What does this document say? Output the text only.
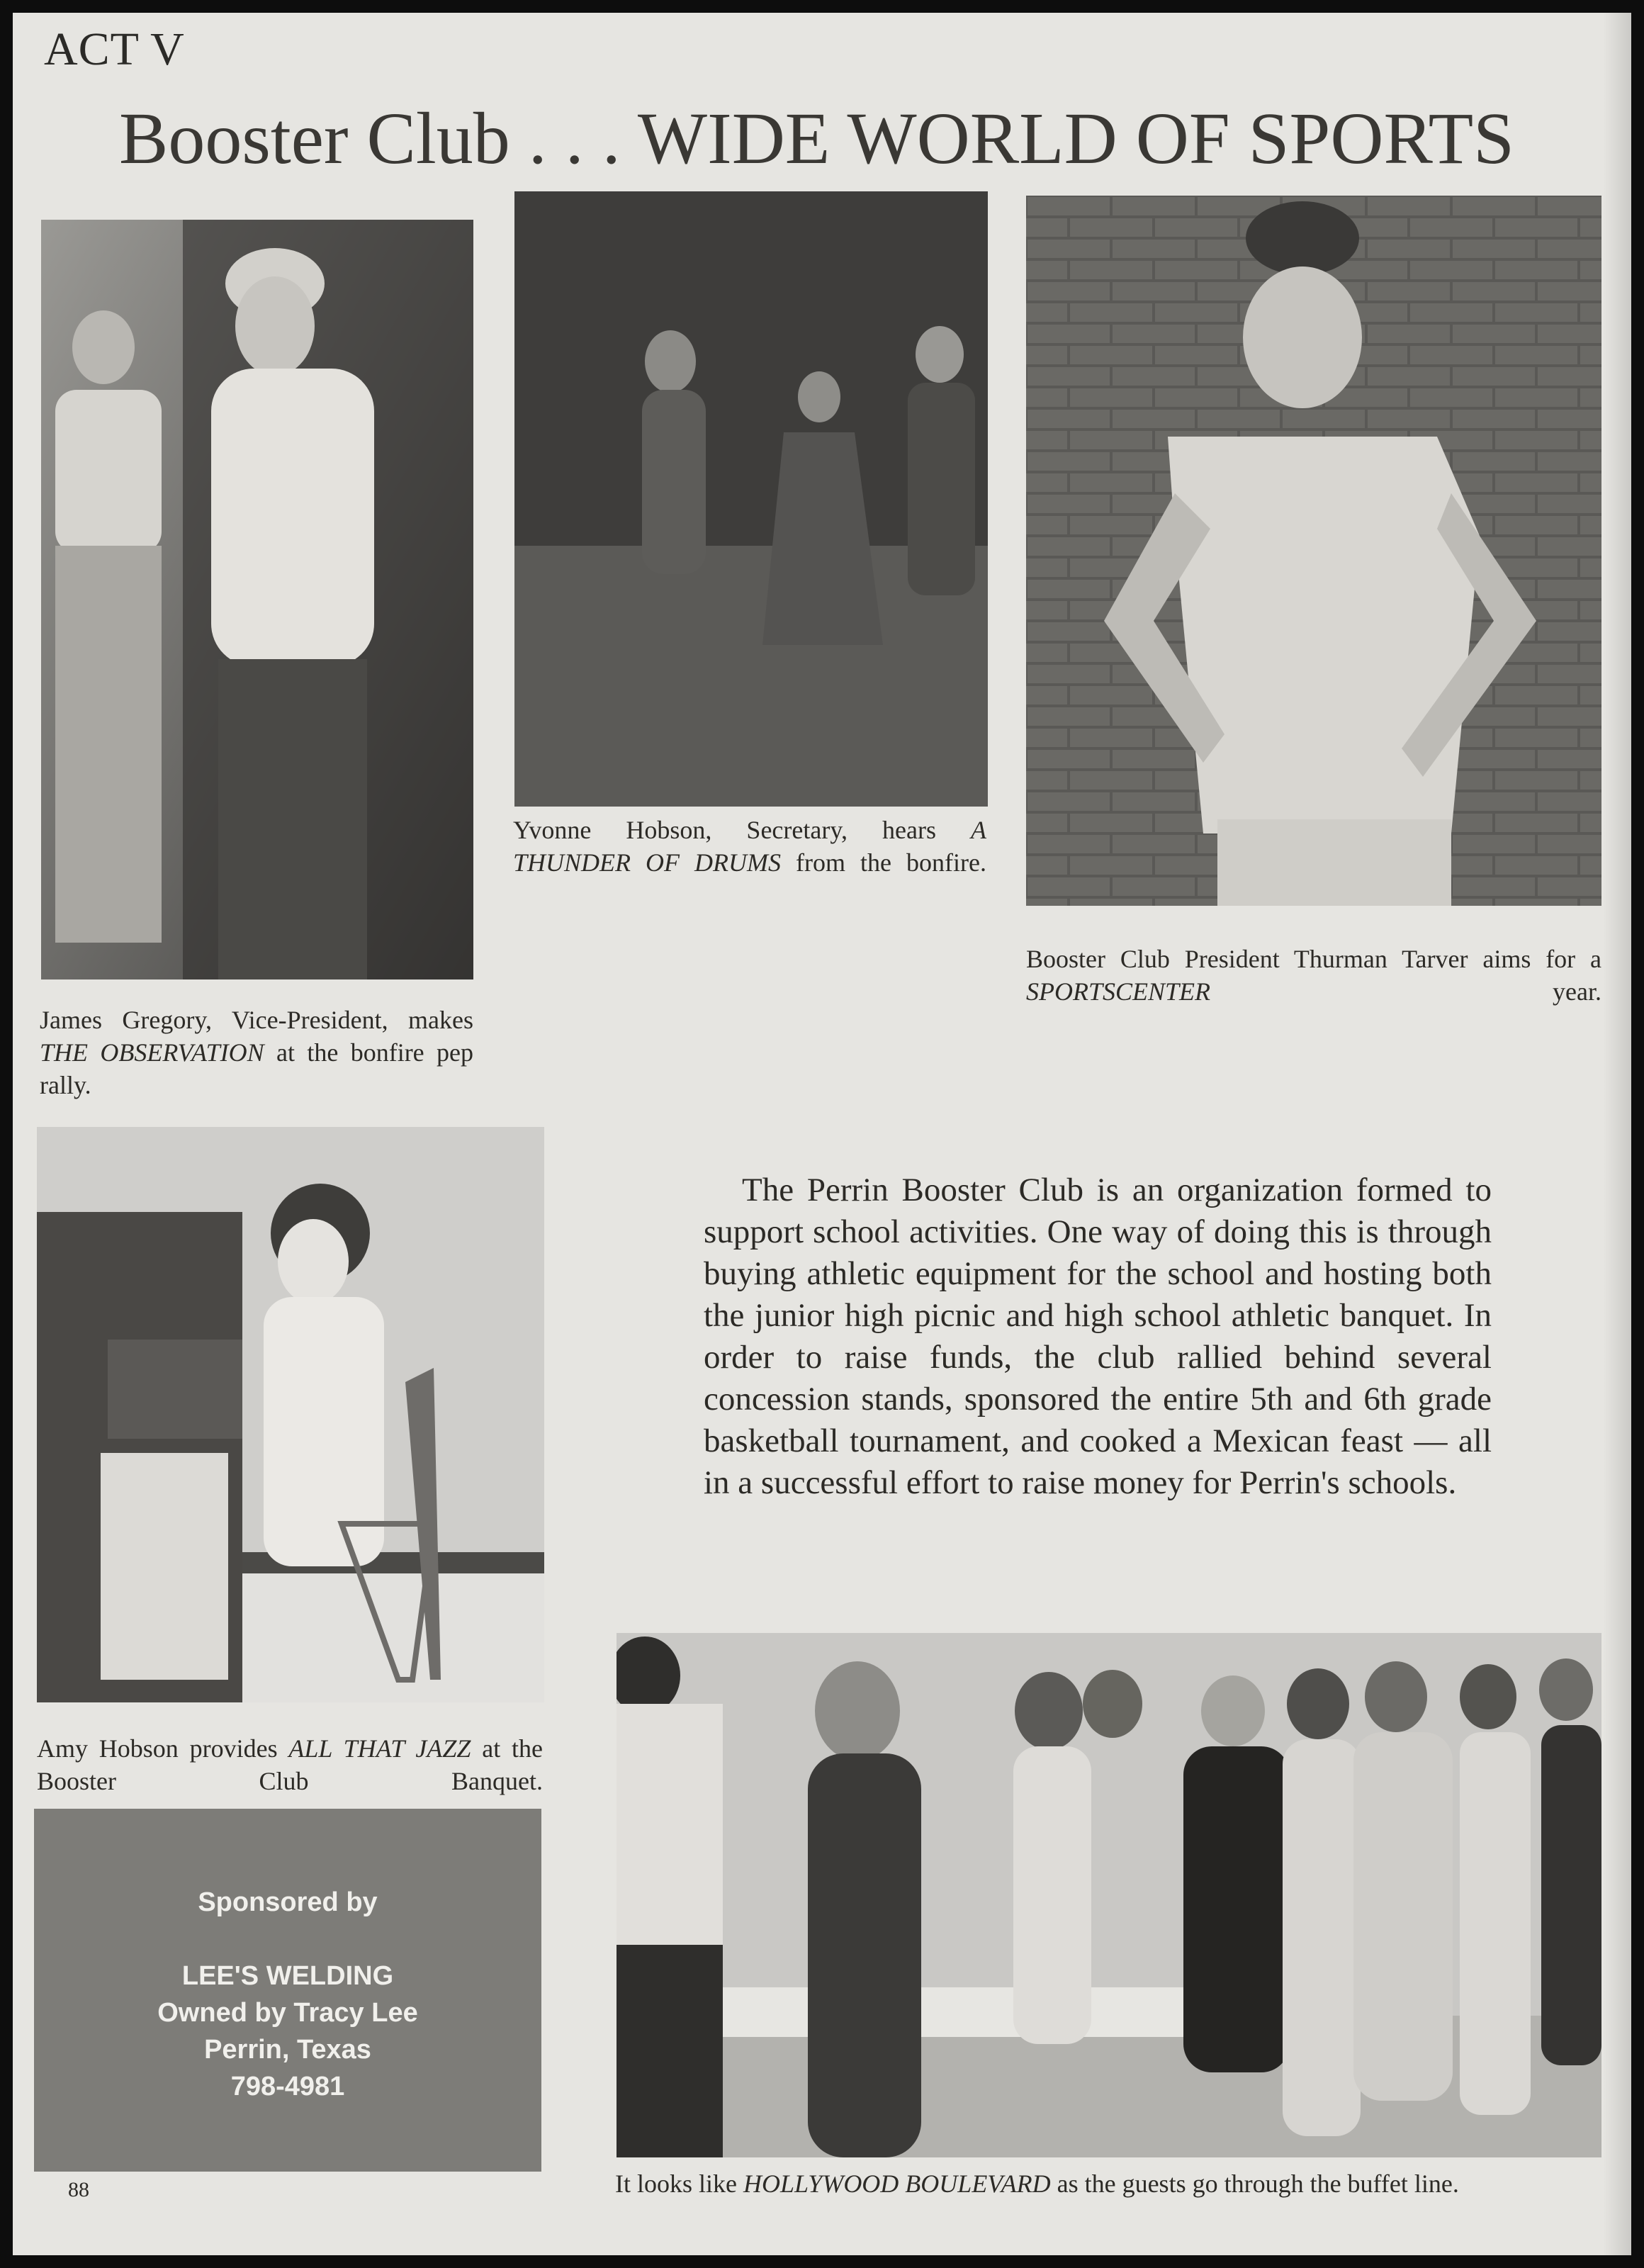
ACT V
Booster Club . . . WIDE WORLD OF SPORTS
James Gregory, Vice-President, makes THE OBSERVATION at the bonfire pep rally.
Yvonne Hobson, Secretary, hears A THUNDER OF DRUMS from the bonfire.
Booster Club President Thurman Tarver aims for a SPORTSCENTER year.
Amy Hobson provides ALL THAT JAZZ at the Booster Club Banquet.
The Perrin Booster Club is an organization formed to support school activities. One way of doing this is through buying athletic equipment for the school and hosting both the junior high picnic and high school athletic banquet. In order to raise funds, the club rallied behind several concession stands, sponsored the entire 5th and 6th grade basketball tournament, and cooked a Mexican feast — all in a successful effort to raise money for Perrin's schools.
Sponsored by
LEE'S WELDING
Owned by Tracy Lee
Perrin, Texas
798-4981
It looks like HOLLYWOOD BOULEVARD as the guests go through the buffet line.
88
